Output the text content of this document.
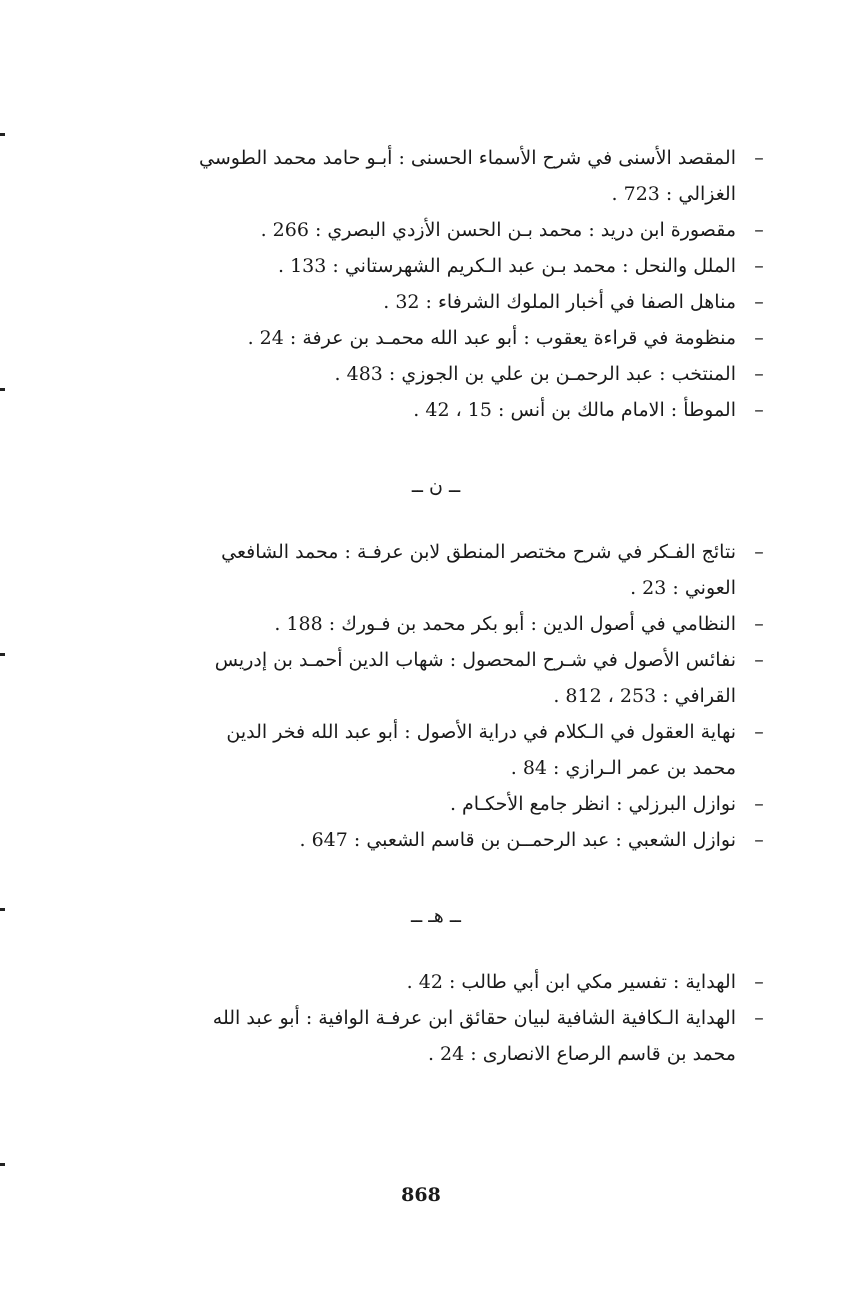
–
المقصد الأسنى في شرح الأسماء الحسنى : أبـو حامد محمد الطوسي
الغزالي : 723 .

–
مقصورة ابن دريد : محمد بـن الحسن الأزدي البصري : 266 .

–
الملل والنحل : محمد بـن عبد الـكريم الشهرستاني : 133 .

–
مناهل الصفا في أخبار الملوك الشرفاء : 32 .

–
منظومة في قراءة يعقوب : أبو عبد الله محمـد بن عرفة : 24 .

–
المنتخب : عبد الرحمـن بن علي بن الجوزي : 483 .

–
الموطأ : الامام مالك بن أنس : 15 ، 42 .

ــ ن ــ

–
نتائج الفـكر في شرح مختصر المنطق لابن عرفـة : محمد الشافعي
العوني : 23 .

–
النظامي في أصول الدين : أبو بكر محمد بن فـورك : 188 .

–
نفائس الأصول في شـرح المحصول : شهاب الدين أحمـد بن إدريس
القرافي : 253 ، 812 .

–
نهاية العقول في الـكلام في دراية الأصول : أبو عبد الله فخر الدين
محمد بن عمر الـرازي : 84 .

–
نوازل البرزلي : انظر جامع الأحكـام .

–
نوازل الشعبي : عبد الرحمــن بن قاسم الشعبي : 647 .

ــ هـ ــ

–
الهداية : تفسير مكي ابن أبي طالب : 42 .

–
الهداية الـكافية الشافية لبيان حقائق ابن عرفـة الوافية : أبو عبد الله
محمد بن قاسم الرصاع الانصارى : 24 .

868
